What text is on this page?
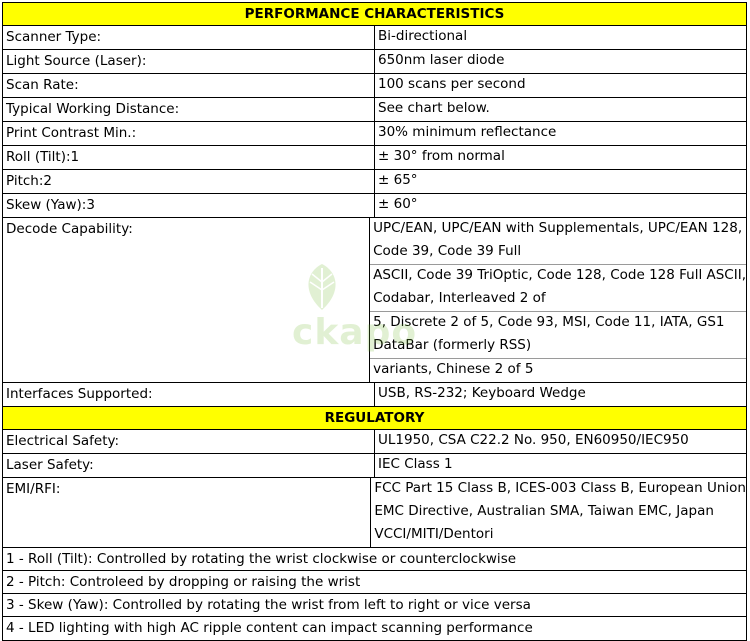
PERFORMANCE CHARACTERISTICS
Scanner Type:	Bi-directional
Light Source (Laser):	650nm laser diode
Scan Rate:	100 scans per second
Typical Working Distance:	See chart below.
Print Contrast Min.:	30% minimum reflectance
Roll (Tilt):1	± 30° from normal
Pitch:2	± 65°
Skew (Yaw):3	± 60°
Decode Capability:	UPC/EAN, UPC/EAN with Supplementals, UPC/EAN 128,
Code 39, Code 39 Full
ASCII, Code 39 TriOptic, Code 128, Code 128 Full ASCII,
Codabar, Interleaved 2 of
5, Discrete 2 of 5, Code 93, MSI, Code 11, IATA, GS1
DataBar (formerly RSS)
variants, Chinese 2 of 5
Interfaces Supported:	USB, RS-232; Keyboard Wedge
REGULATORY
Electrical Safety:	UL1950, CSA C22.2 No. 950, EN60950/IEC950
Laser Safety:	IEC Class 1
EMI/RFI:	FCC Part 15 Class B, ICES-003 Class B, European Union
EMC Directive, Australian SMA, Taiwan EMC, Japan
VCCI/MITI/Dentori
1 - Roll (Tilt): Controlled by rotating the wrist clockwise or counterclockwise
2 - Pitch: Controleed by dropping or raising the wrist
3 - Skew (Yaw): Controlled by rotating the wrist from left to right or vice versa
4 - LED lighting with high AC ripple content can impact scanning performance
ckapo
